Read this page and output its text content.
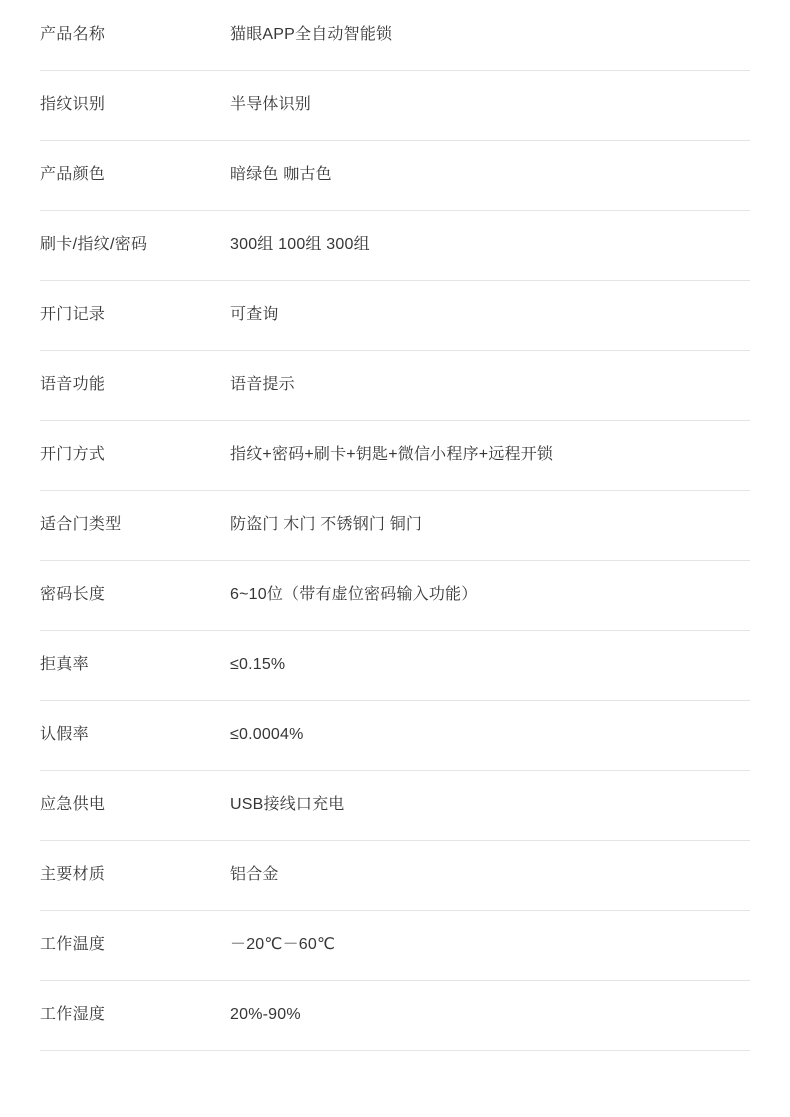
产品名称	猫眼APP全自动智能锁
指纹识别	半导体识别
产品颜色	暗绿色 咖古色
刷卡/指纹/密码	300组 100组 300组
开门记录	可查询
语音功能	语音提示
开门方式	指纹+密码+刷卡+钥匙+微信小程序+远程开锁
适合门类型	防盗门 木门 不锈钢门 铜门
密码长度	6~10位（带有虚位密码输入功能）
拒真率	≤0.15%
认假率	≤0.0004%
应急供电	USB接线口充电
主要材质	铝合金
工作温度	－20℃－60℃
工作湿度	20%-90%
